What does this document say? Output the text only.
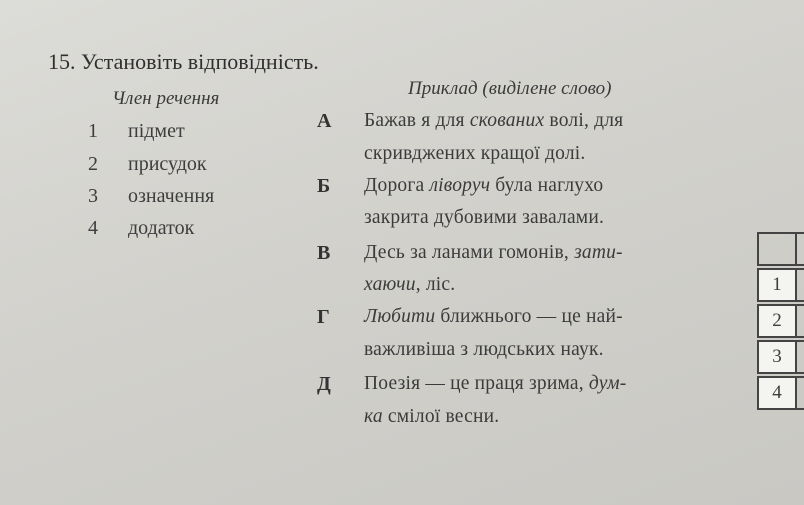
15. Установіть відповідність.
Член речення	Приклад (виділене слово)
1 підмет
2 присудок
3 означення
4 додаток
А Бажав я для скованих волі, для
скривджених кращої долі.
Б Дорога ліворуч була наглухо
закрита дубовими завалами.
В Десь за ланами гомонів, зати-
хаючи, ліс.
Г Любити ближнього — це най-
важливіша з людських наук.
Д Поезія — це праця зрима, дум-
ка смілої весни.
1
2
3
4
